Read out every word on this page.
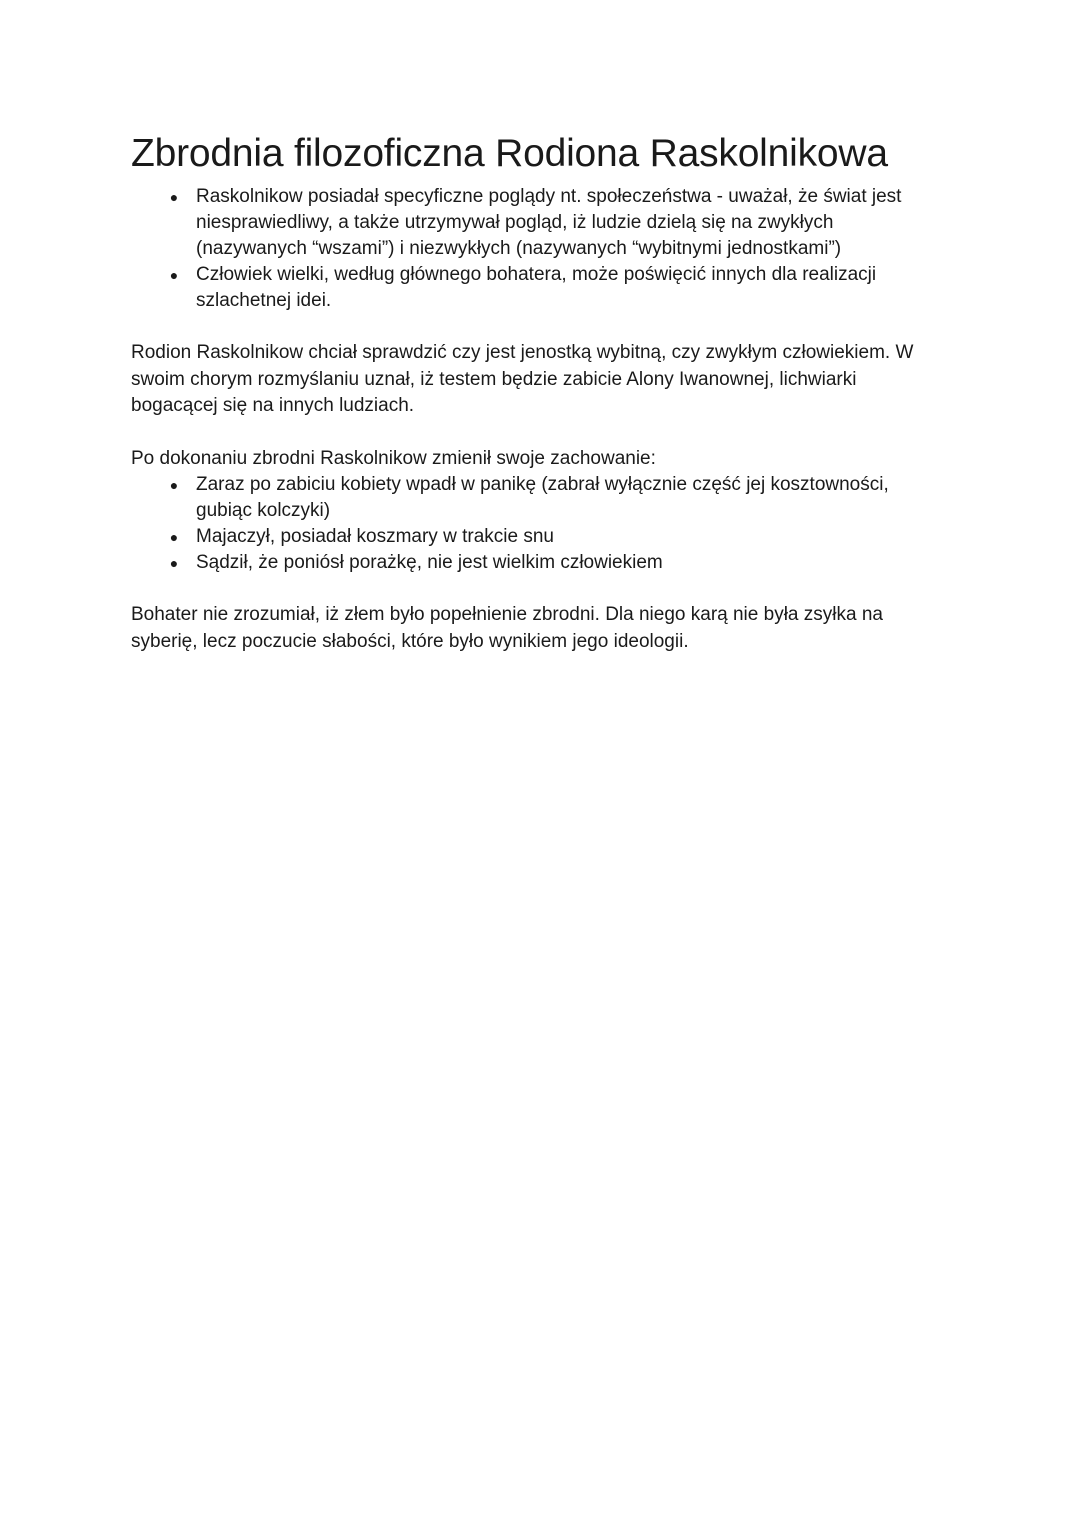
Zbrodnia filozoficzna Rodiona Raskolnikowa
● Raskolnikow posiadał specyficzne poglądy nt. społeczeństwa - uważał, że świat jest niesprawiedliwy, a także utrzymywał pogląd, iż ludzie dzielą się na zwykłych (nazywanych “wszami”) i niezwykłych (nazywanych “wybitnymi jednostkami”)
● Człowiek wielki, według głównego bohatera, może poświęcić innych dla realizacji szlachetnej idei.

Rodion Raskolnikow chciał sprawdzić czy jest jenostką wybitną, czy zwykłym człowiekiem. W swoim chorym rozmyślaniu uznał, iż testem będzie zabicie Alony Iwanownej, lichwiarki bogacącej się na innych ludziach.

Po dokonaniu zbrodni Raskolnikow zmienił swoje zachowanie:

● Zaraz po zabiciu kobiety wpadł w panikę (zabrał wyłącznie część jej kosztowności, gubiąc kolczyki)
● Majaczył, posiadał koszmary w trakcie snu
● Sądził, że poniósł porażkę, nie jest wielkim człowiekiem

Bohater nie zrozumiał, iż złem było popełnienie zbrodni. Dla niego karą nie była zsyłka na syberię, lecz poczucie słabości, które było wynikiem jego ideologii.
